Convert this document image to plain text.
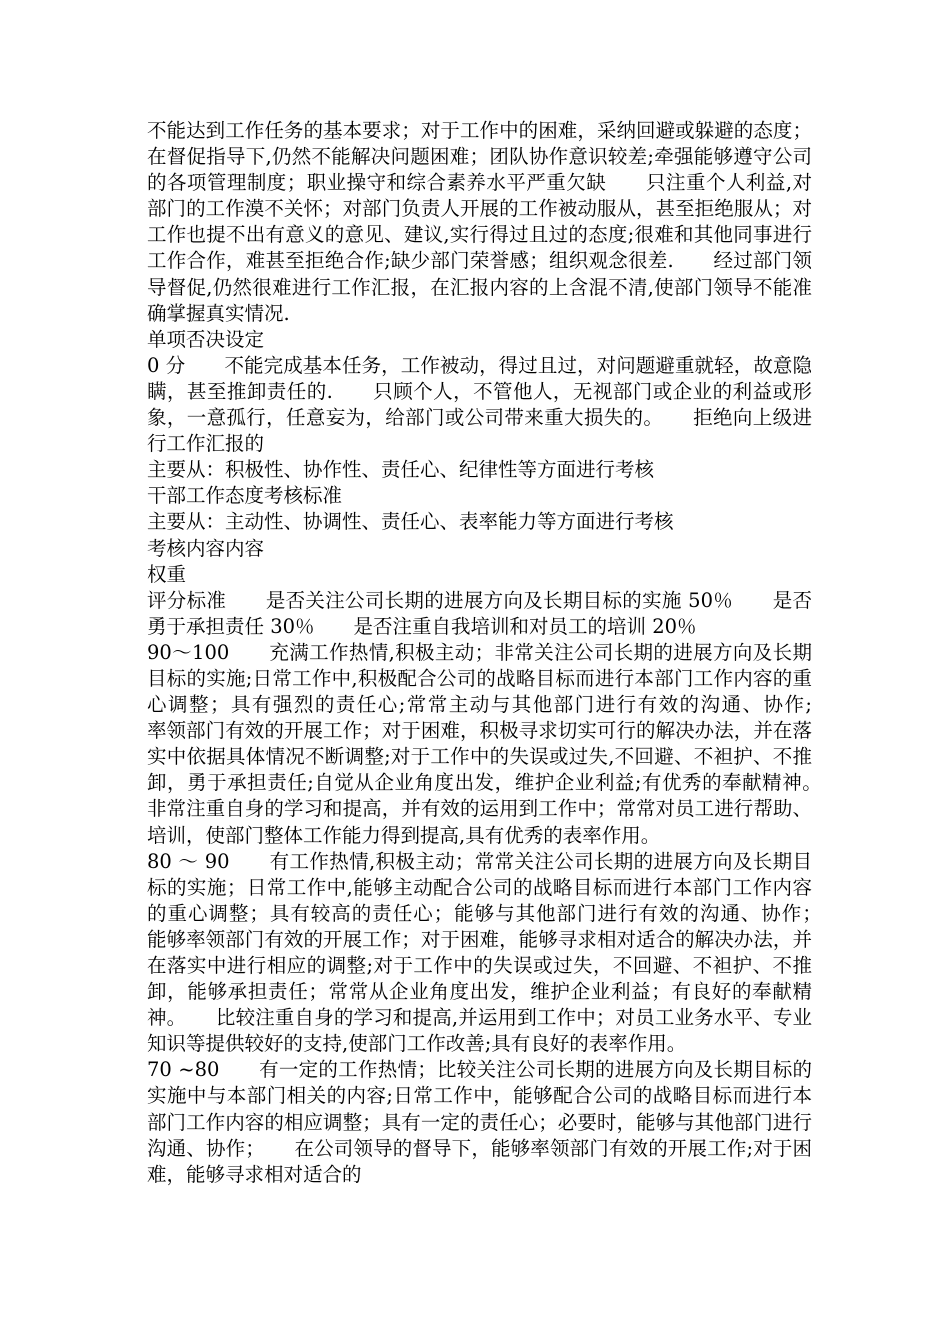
不能达到工作任务的基本要求；对于工作中的困难，采纳回避或躲避的态度；在督促指导下,仍然不能解决问题困难；团队协作意识较差;牵强能够遵守公司的各项管理制度；职业操守和综合素养水平严重欠缺　　只注重个人利益,对部门的工作漠不关怀；对部门负责人开展的工作被动服从，甚至拒绝服从；对工作也提不出有意义的意见、建议,实行得过且过的态度;很难和其他同事进行工作合作，难甚至拒绝合作;缺少部门荣誉感；组织观念很差.　　经过部门领导督促,仍然很难进行工作汇报，在汇报内容的上含混不清,使部门领导不能准确掌握真实情况.

单项否决设定

0 分　　不能完成基本任务，工作被动，得过且过，对问题避重就轻，故意隐瞒，甚至推卸责任的.　　只顾个人，不管他人，无视部门或企业的利益或形象，一意孤行，任意妄为，给部门或公司带来重大损失的。　　拒绝向上级进行工作汇报的

主要从：积极性、协作性、责任心、纪律性等方面进行考核

干部工作态度考核标准

主要从：主动性、协调性、责任心、表率能力等方面进行考核

考核内容内容

权重

评分标准　　是否关注公司长期的进展方向及长期目标的实施 50％　　是否勇于承担责任 30％　　是否注重自我培训和对员工的培训 20％

90～100　　充满工作热情,积极主动；非常关注公司长期的进展方向及长期目标的实施;日常工作中,积极配合公司的战略目标而进行本部门工作内容的重心调整；具有强烈的责任心;常常主动与其他部门进行有效的沟通、协作;　　率领部门有效的开展工作；对于困难，积极寻求切实可行的解决办法，并在落实中依据具体情况不断调整;对于工作中的失误或过失,不回避、不袒护、不推卸，勇于承担责任;自觉从企业角度出发，维护企业利益;有优秀的奉献精神。　　非常注重自身的学习和提高，并有效的运用到工作中；常常对员工进行帮助、培训，使部门整体工作能力得到提高,具有优秀的表率作用。

80 ～ 90　　有工作热情,积极主动；常常关注公司长期的进展方向及长期目标的实施；日常工作中,能够主动配合公司的战略目标而进行本部门工作内容的重心调整；具有较高的责任心；能够与其他部门进行有效的沟通、协作；　　能够率领部门有效的开展工作；对于困难，能够寻求相对适合的解决办法，并在落实中进行相应的调整;对于工作中的失误或过失，不回避、不袒护、不推卸，能够承担责任；常常从企业角度出发，维护企业利益；有良好的奉献精神。　　比较注重自身的学习和提高,并运用到工作中；对员工业务水平、专业知识等提供较好的支持,使部门工作改善;具有良好的表率作用。

70 ~80　　有一定的工作热情；比较关注公司长期的进展方向及长期目标的实施中与本部门相关的内容;日常工作中，能够配合公司的战略目标而进行本部门工作内容的相应调整；具有一定的责任心；必要时，能够与其他部门进行沟通、协作；　　在公司领导的督导下，能够率领部门有效的开展工作;对于困难，能够寻求相对适合的
